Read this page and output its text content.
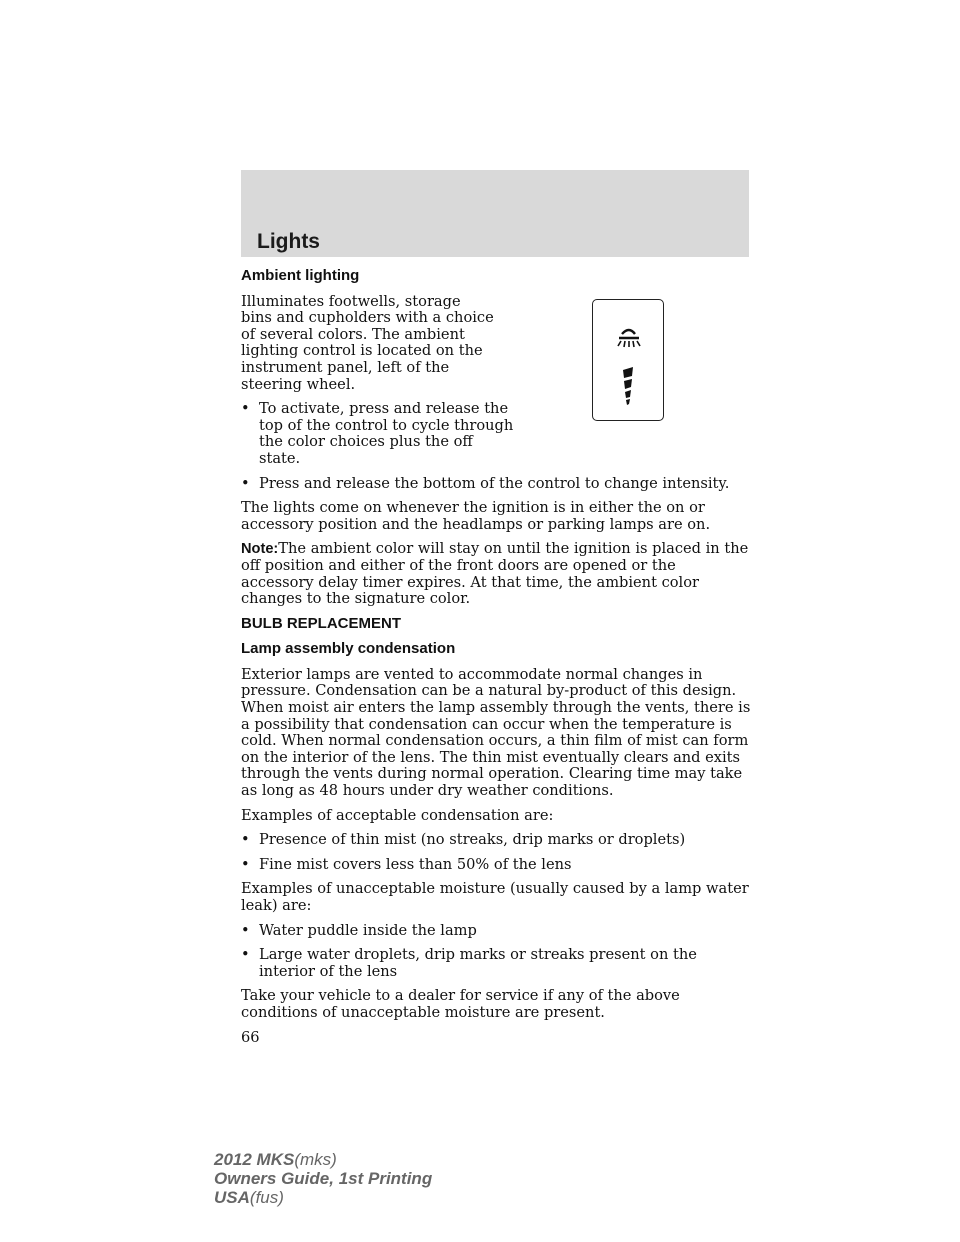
Lights
Ambient lighting

Illuminates footwells, storage bins and cupholders with a choice of several colors. The ambient lighting control is located on the instrument panel, left of the steering wheel.

• To activate, press and release the top of the control to cycle through the color choices plus the off state.
• Press and release the bottom of the control to change intensity.

The lights come on whenever the ignition is in either the on or accessory position and the headlamps or parking lamps are on.

Note:The ambient color will stay on until the ignition is placed in the off position and either of the front doors are opened or the accessory delay timer expires. At that time, the ambient color changes to the signature color.

BULB REPLACEMENT
Lamp assembly condensation

Exterior lamps are vented to accommodate normal changes in pressure. Condensation can be a natural by-product of this design. When moist air enters the lamp assembly through the vents, there is a possibility that condensation can occur when the temperature is cold. When normal condensation occurs, a thin film of mist can form on the interior of the lens. The thin mist eventually clears and exits through the vents during normal operation. Clearing time may take as long as 48 hours under dry weather conditions.

Examples of acceptable condensation are:

• Presence of thin mist (no streaks, drip marks or droplets)
• Fine mist covers less than 50% of the lens

Examples of unacceptable moisture (usually caused by a lamp water leak) are:

• Water puddle inside the lamp
• Large water droplets, drip marks or streaks present on the interior of the lens

Take your vehicle to a dealer for service if any of the above conditions of unacceptable moisture are present.

66
2012 MKS(mks)
Owners Guide, 1st Printing
USA(fus)
